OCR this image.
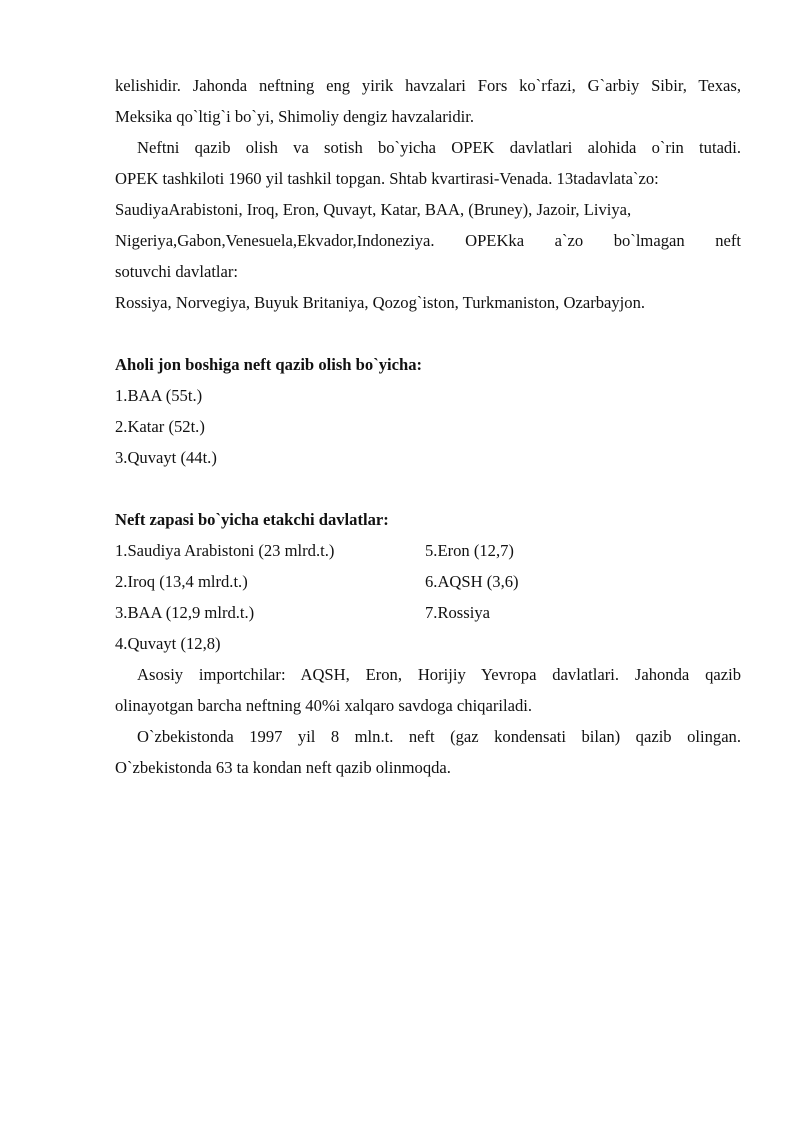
kelishidir. Jahonda neftning eng yirik havzalari Fors ko`rfazi, G`arbiy Sibir, Texas,
Meksika qo`ltig`i bo`yi, Shimoliy dengiz havzalaridir.
Neftni qazib olish va sotish bo`yicha OPEK davlatlari alohida o`rin tutadi.
OPEK tashkiloti 1960 yil tashkil topgan. Shtab kvartirasi-Venada. 13tadavlata`zo:
SaudiyaArabistoni, Iroq, Eron, Quvayt, Katar, BAA, (Bruney), Jazoir, Liviya,
Nigeriya,Gabon,Venesuela,Ekvador,Indoneziya. OPEKka a`zo bo`lmagan neft
sotuvchi davlatlar:
Rossiya, Norvegiya, Buyuk Britaniya, Qozog`iston, Turkmaniston, Ozarbayjon.
Aholi jon boshiga neft qazib olish bo`yicha:
1.BAA (55t.)
2.Katar (52t.)
3.Quvayt (44t.)
Neft zapasi bo`yicha etakchi davlatlar:
1.Saudiya Arabistoni (23 mlrd.t.)	5.Eron (12,7)
2.Iroq (13,4 mlrd.t.)	6.AQSH (3,6)
3.BAA (12,9 mlrd.t.)	7.Rossiya
4.Quvayt (12,8)
Asosiy importchilar: AQSH, Eron, Horijiy Yevropa davlatlari. Jahonda qazib
olinayotgan barcha neftning 40%i xalqaro savdoga chiqariladi.
O`zbekistonda 1997 yil 8 mln.t. neft (gaz kondensati bilan) qazib olingan.
O`zbekistonda 63 ta kondan neft qazib olinmoqda.
